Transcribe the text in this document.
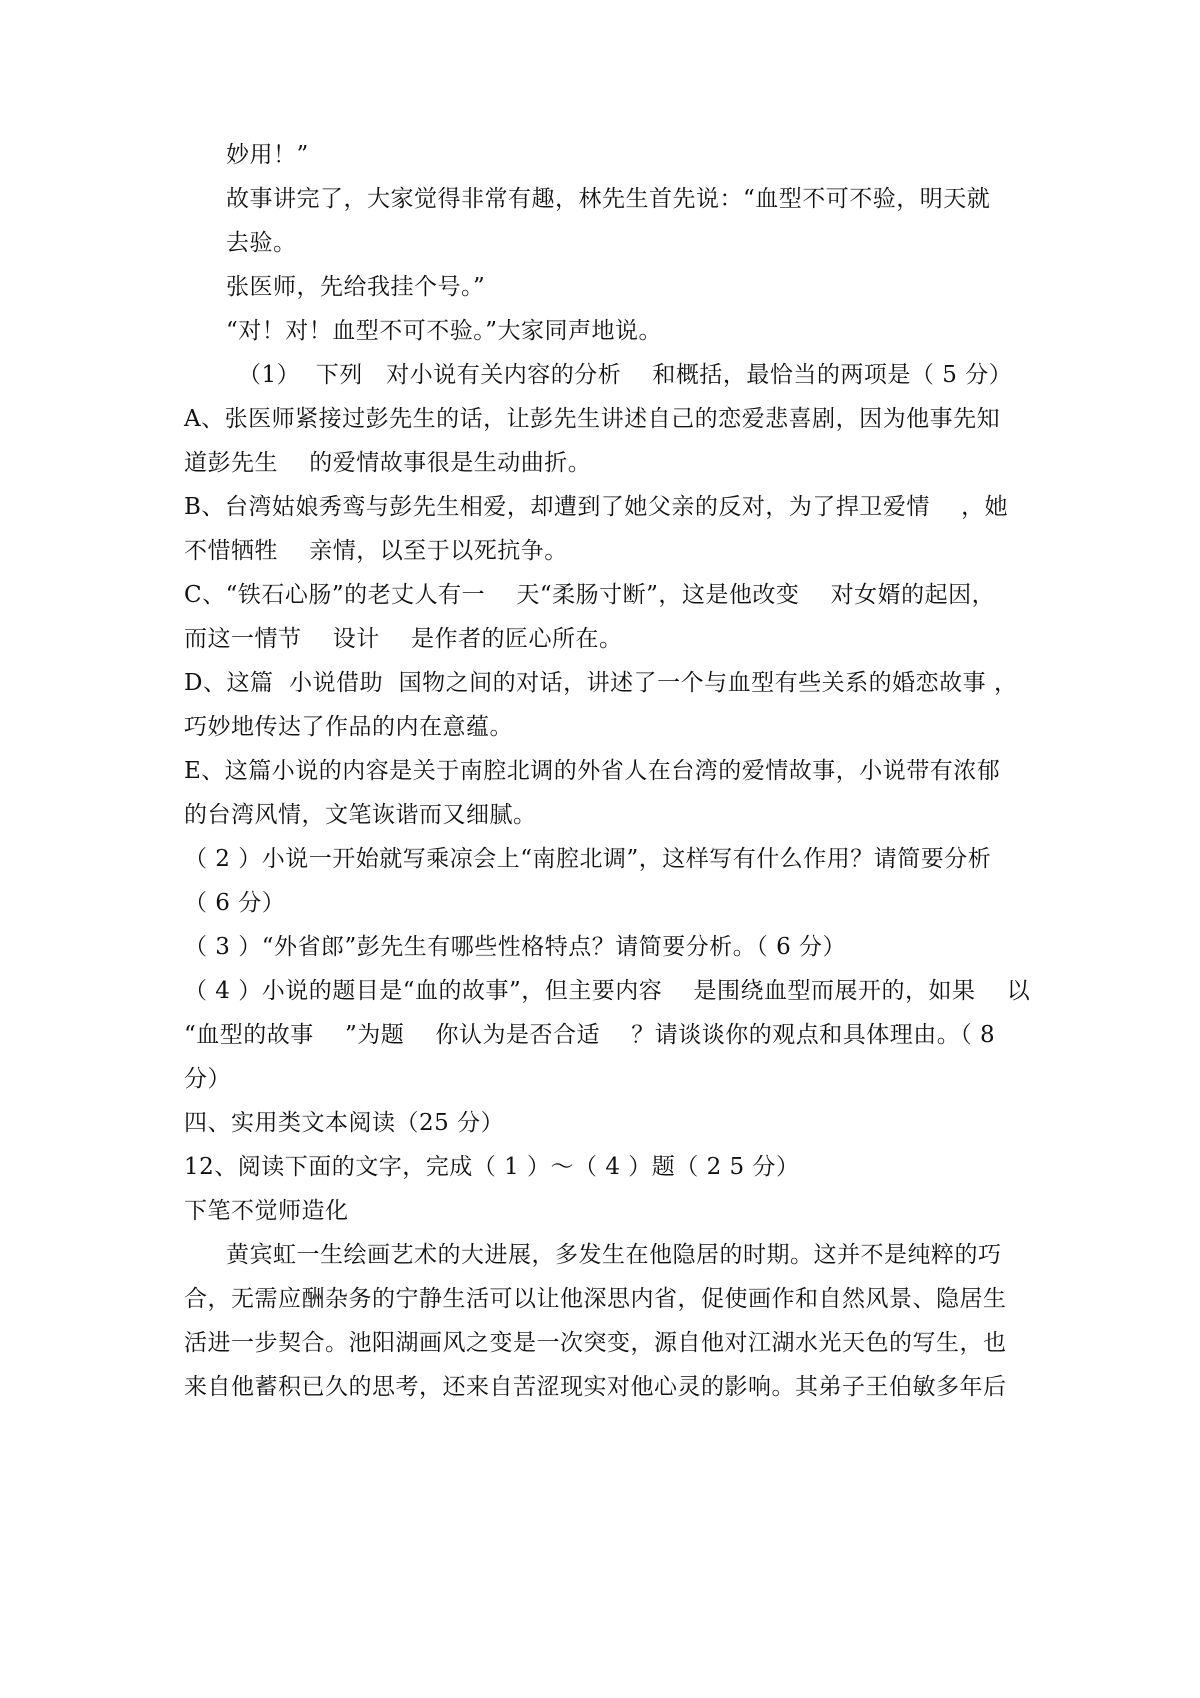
妙用！”
故事讲完了，大家觉得非常有趣，林先生首先说：“血型不可不验，明天就
去验。
张医师，先给我挂个号。”
“对！对！血型不可不验。”大家同声地说。
（1）  下列   对小说有关内容的分析    和概括，最恰当的两项是（ 5 分）
A、张医师紧接过彭先生的话，让彭先生讲述自己的恋爱悲喜剧，因为他事先知
道彭先生    的爱情故事很是生动曲折。
B、台湾姑娘秀鸾与彭先生相爱，却遭到了她父亲的反对，为了捍卫爱情    ，她
不惜牺牲    亲情，以至于以死抗争。
C、“铁石心肠”的老丈人有一    天“柔肠寸断”，这是他改变    对女婿的起因，
而这一情节    设计    是作者的匠心所在。
D、这篇  小说借助  国物之间的对话，讲述了一个与血型有些关系的婚恋故事 ，
巧妙地传达了作品的内在意蕴。
E、这篇小说的内容是关于南腔北调的外省人在台湾的爱情故事，小说带有浓郁
的台湾风情，文笔诙谐而又细腻。
（ 2 ）小说一开始就写乘凉会上“南腔北调”，这样写有什么作用？请简要分析
（ 6 分）
（ 3 ）“外省郎”彭先生有哪些性格特点？请简要分析。（ 6 分）
（ 4 ）小说的题目是“血的故事”，但主要内容    是围绕血型而展开的，如果    以
“血型的故事    ”为题    你认为是否合适    ？请谈谈你的观点和具体理由。（ 8
分）
四、实用类文本阅读（25 分）
12、阅读下面的文字，完成（ 1 ）～（ 4 ）题（ 2 5 分）
下笔不觉师造化
黄宾虹一生绘画艺术的大进展，多发生在他隐居的时期。这并不是纯粹的巧
合，无需应酬杂务的宁静生活可以让他深思内省，促使画作和自然风景、隐居生
活进一步契合。池阳湖画风之变是一次突变，源自他对江湖水光天色的写生，也
来自他蓄积已久的思考，还来自苦涩现实对他心灵的影响。其弟子王伯敏多年后
